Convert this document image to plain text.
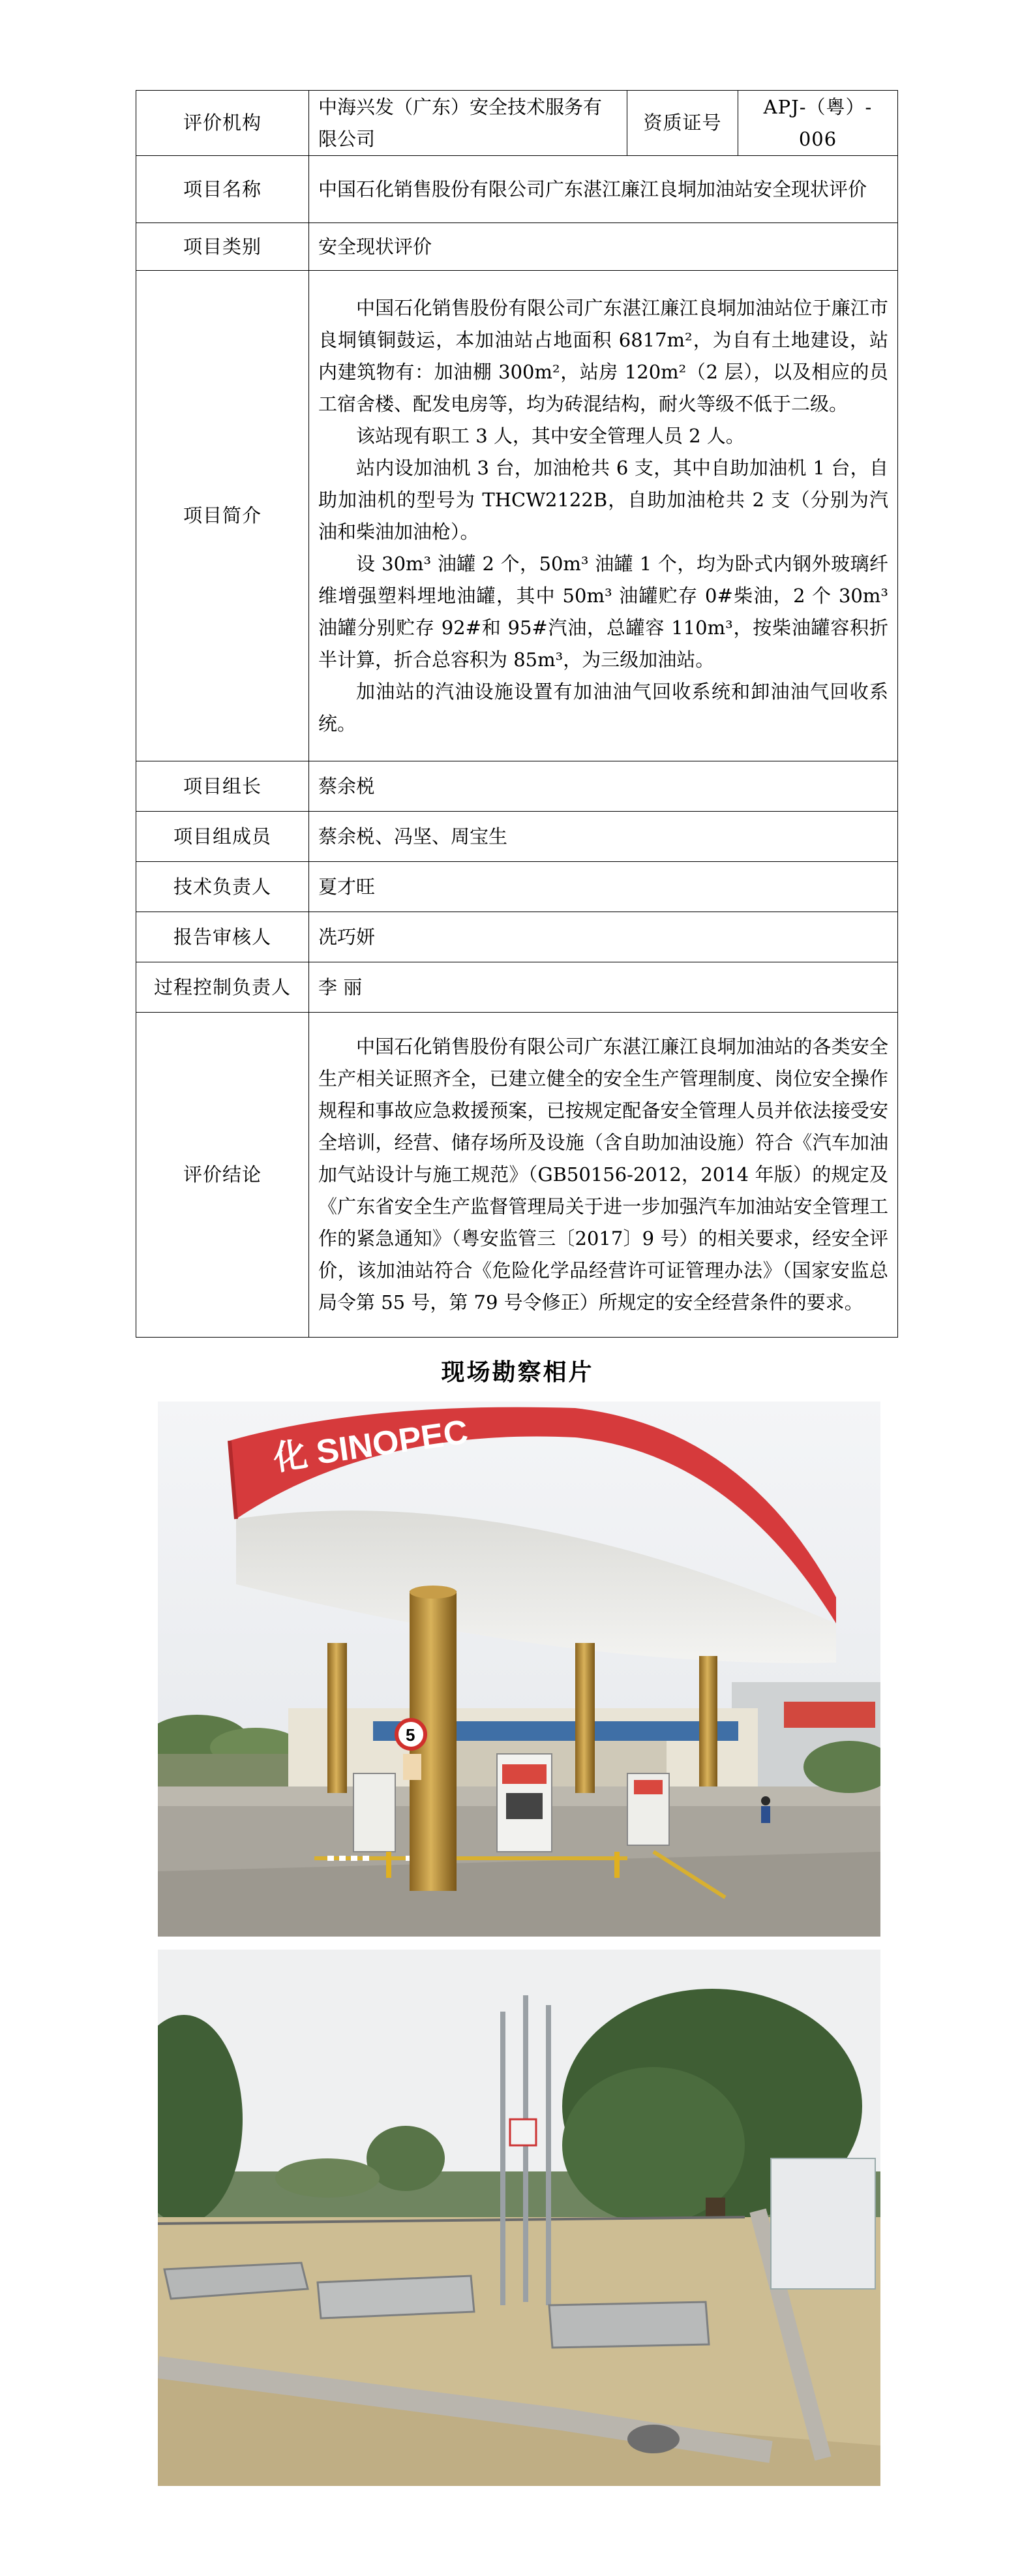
评价机构	中海兴发（广东）安全技术服务有限公司	资质证号	APJ-（粤）- 006
项目名称	中国石化销售股份有限公司广东湛江廉江良垌加油站安全现状评价		
项目类别	安全现状评价		
项目简介	中国石化销售股份有限公司广东湛江廉江良垌加油站位于廉江市良垌镇铜鼓运，本加油站占地面积 6817m²，为自有土地建设，站内建筑物有：加油棚 300m²，站房 120m²（2 层），以及相应的员工宿舍楼、配发电房等，均为砖混结构，耐火等级不低于二级。

该站现有职工 3 人，其中安全管理人员 2 人。

站内设加油机 3 台，加油枪共 6 支，其中自助加油机 1 台，自助加油机的型号为 THCW2122B，自助加油枪共 2 支（分别为汽油和柴油加油枪）。

设 30m³ 油罐 2 个，50m³ 油罐 1 个，均为卧式内钢外玻璃纤维增强塑料埋地油罐，其中 50m³ 油罐贮存 0#柴油，2 个 30m³ 油罐分别贮存 92#和 95#汽油，总罐容 110m³，按柴油罐容积折半计算，折合总容积为 85m³，为三级加油站。

加油站的汽油设施设置有加油油气回收系统和卸油油气回收系统。		

项目组长	蔡余棁		
项目组成员	蔡余棁、冯坚、周宝生		
技术负责人	夏才旺		
报告审核人	冼巧妍		
过程控制负责人	李 丽		
评价结论	中国石化销售股份有限公司广东湛江廉江良垌加油站的各类安全生产相关证照齐全，已建立健全的安全生产管理制度、岗位安全操作规程和事故应急救援预案，已按规定配备安全管理人员并依法接受安全培训，经营、储存场所及设施（含自助加油设施）符合《汽车加油加气站设计与施工规范》（GB50156-2012，2014 年版）的规定及《广东省安全生产监督管理局关于进一步加强汽车加油站安全管理工作的紧急通知》（粤安监管三〔2017〕9 号）的相关要求，经安全评价，该加油站符合《危险化学品经营许可证管理办法》（国家安监总局令第 55 号，第 79 号令修正）所规定的安全经营条件的要求。		

现场勘察相片
化 SINOPEC
5
